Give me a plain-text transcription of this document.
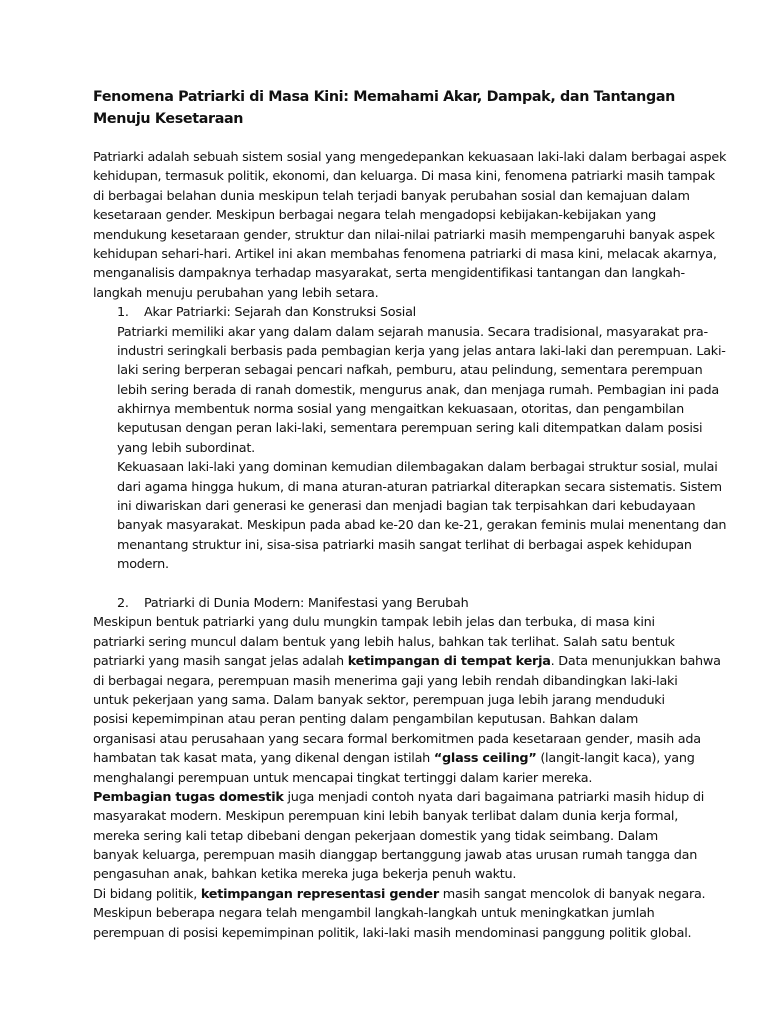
Fenomena Patriarki di Masa Kini: Memahami Akar, Dampak, dan Tantangan Menuju Kesetaraan
Patriarki adalah sebuah sistem sosial yang mengedepankan kekuasaan laki-laki dalam berbagai aspek
kehidupan, termasuk politik, ekonomi, dan keluarga. Di masa kini, fenomena patriarki masih tampak
di berbagai belahan dunia meskipun telah terjadi banyak perubahan sosial dan kemajuan dalam
kesetaraan gender. Meskipun berbagai negara telah mengadopsi kebijakan-kebijakan yang
mendukung kesetaraan gender, struktur dan nilai-nilai patriarki masih mempengaruhi banyak aspek
kehidupan sehari-hari. Artikel ini akan membahas fenomena patriarki di masa kini, melacak akarnya,
menganalisis dampaknya terhadap masyarakat, serta mengidentifikasi tantangan dan langkah-
langkah menuju perubahan yang lebih setara.
1. Akar Patriarki: Sejarah dan Konstruksi Sosial
Patriarki memiliki akar yang dalam dalam sejarah manusia. Secara tradisional, masyarakat pra-
industri seringkali berbasis pada pembagian kerja yang jelas antara laki-laki dan perempuan. Laki-
laki sering berperan sebagai pencari nafkah, pemburu, atau pelindung, sementara perempuan
lebih sering berada di ranah domestik, mengurus anak, dan menjaga rumah. Pembagian ini pada
akhirnya membentuk norma sosial yang mengaitkan kekuasaan, otoritas, dan pengambilan
keputusan dengan peran laki-laki, sementara perempuan sering kali ditempatkan dalam posisi
yang lebih subordinat.
Kekuasaan laki-laki yang dominan kemudian dilembagakan dalam berbagai struktur sosial, mulai
dari agama hingga hukum, di mana aturan-aturan patriarkal diterapkan secara sistematis. Sistem
ini diwariskan dari generasi ke generasi dan menjadi bagian tak terpisahkan dari kebudayaan
banyak masyarakat. Meskipun pada abad ke-20 dan ke-21, gerakan feminis mulai menentang dan
menantang struktur ini, sisa-sisa patriarki masih sangat terlihat di berbagai aspek kehidupan
modern.
2. Patriarki di Dunia Modern: Manifestasi yang Berubah
Meskipun bentuk patriarki yang dulu mungkin tampak lebih jelas dan terbuka, di masa kini
patriarki sering muncul dalam bentuk yang lebih halus, bahkan tak terlihat. Salah satu bentuk
patriarki yang masih sangat jelas adalah ketimpangan di tempat kerja. Data menunjukkan bahwa
di berbagai negara, perempuan masih menerima gaji yang lebih rendah dibandingkan laki-laki
untuk pekerjaan yang sama. Dalam banyak sektor, perempuan juga lebih jarang menduduki
posisi kepemimpinan atau peran penting dalam pengambilan keputusan. Bahkan dalam
organisasi atau perusahaan yang secara formal berkomitmen pada kesetaraan gender, masih ada
hambatan tak kasat mata, yang dikenal dengan istilah “glass ceiling” (langit-langit kaca), yang
menghalangi perempuan untuk mencapai tingkat tertinggi dalam karier mereka.
Pembagian tugas domestik juga menjadi contoh nyata dari bagaimana patriarki masih hidup di
masyarakat modern. Meskipun perempuan kini lebih banyak terlibat dalam dunia kerja formal,
mereka sering kali tetap dibebani dengan pekerjaan domestik yang tidak seimbang. Dalam
banyak keluarga, perempuan masih dianggap bertanggung jawab atas urusan rumah tangga dan
pengasuhan anak, bahkan ketika mereka juga bekerja penuh waktu.
Di bidang politik, ketimpangan representasi gender masih sangat mencolok di banyak negara.
Meskipun beberapa negara telah mengambil langkah-langkah untuk meningkatkan jumlah
perempuan di posisi kepemimpinan politik, laki-laki masih mendominasi panggung politik global.
